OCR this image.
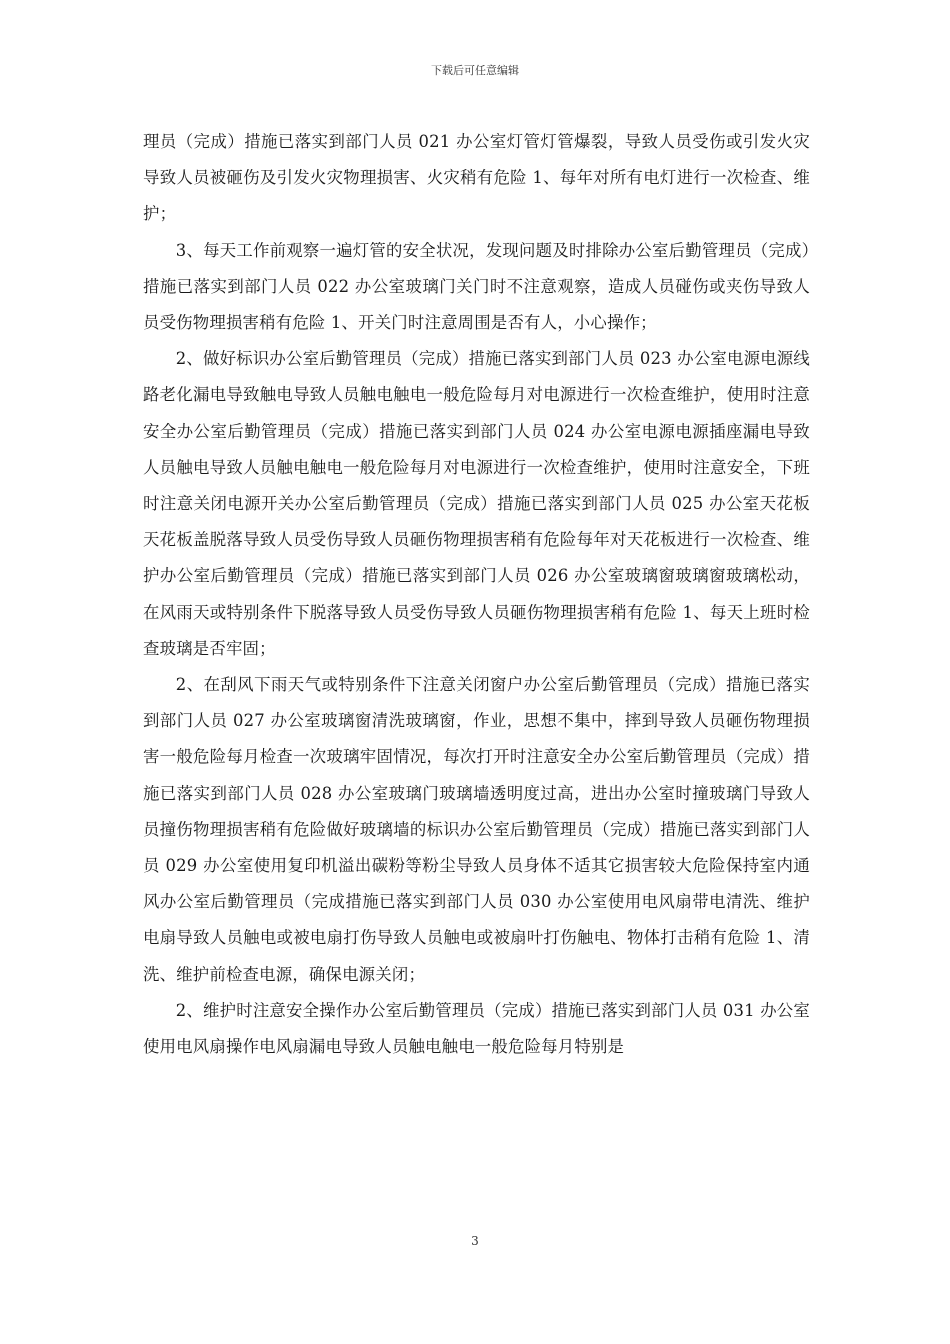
下载后可任意编辑

理员（完成）措施已落实到部门人员 021 办公室灯管灯管爆裂，导致人员受伤或引发火灾导致人员被砸伤及引发火灾物理损害、火灾稍有危险 1、每年对所有电灯进行一次检查、维护；

3、每天工作前观察一遍灯管的安全状况，发现问题及时排除办公室后勤管理员（完成）措施已落实到部门人员 022 办公室玻璃门关门时不注意观察，造成人员碰伤或夹伤导致人员受伤物理损害稍有危险 1、开关门时注意周围是否有人，小心操作；

2、做好标识办公室后勤管理员（完成）措施已落实到部门人员 023 办公室电源电源线路老化漏电导致触电导致人员触电触电一般危险每月对电源进行一次检查维护，使用时注意安全办公室后勤管理员（完成）措施已落实到部门人员 024 办公室电源电源插座漏电导致人员触电导致人员触电触电一般危险每月对电源进行一次检查维护，使用时注意安全，下班时注意关闭电源开关办公室后勤管理员（完成）措施已落实到部门人员 025 办公室天花板天花板盖脱落导致人员受伤导致人员砸伤物理损害稍有危险每年对天花板进行一次检查、维护办公室后勤管理员（完成）措施已落实到部门人员 026 办公室玻璃窗玻璃窗玻璃松动，在风雨天或特别条件下脱落导致人员受伤导致人员砸伤物理损害稍有危险 1、每天上班时检查玻璃是否牢固；

2、在刮风下雨天气或特别条件下注意关闭窗户办公室后勤管理员（完成）措施已落实到部门人员 027 办公室玻璃窗清洗玻璃窗，作业，思想不集中，摔到导致人员砸伤物理损害一般危险每月检查一次玻璃牢固情况，每次打开时注意安全办公室后勤管理员（完成）措施已落实到部门人员 028 办公室玻璃门玻璃墙透明度过高，进出办公室时撞玻璃门导致人员撞伤物理损害稍有危险做好玻璃墙的标识办公室后勤管理员（完成）措施已落实到部门人员 029 办公室使用复印机溢出碳粉等粉尘导致人员身体不适其它损害较大危险保持室内通风办公室后勤管理员（完成措施已落实到部门人员 030 办公室使用电风扇带电清洗、维护电扇导致人员触电或被电扇打伤导致人员触电或被扇叶打伤触电、物体打击稍有危险 1、清洗、维护前检查电源，确保电源关闭；

2、维护时注意安全操作办公室后勤管理员（完成）措施已落实到部门人员 031 办公室使用电风扇操作电风扇漏电导致人员触电触电一般危险每月特别是

3
